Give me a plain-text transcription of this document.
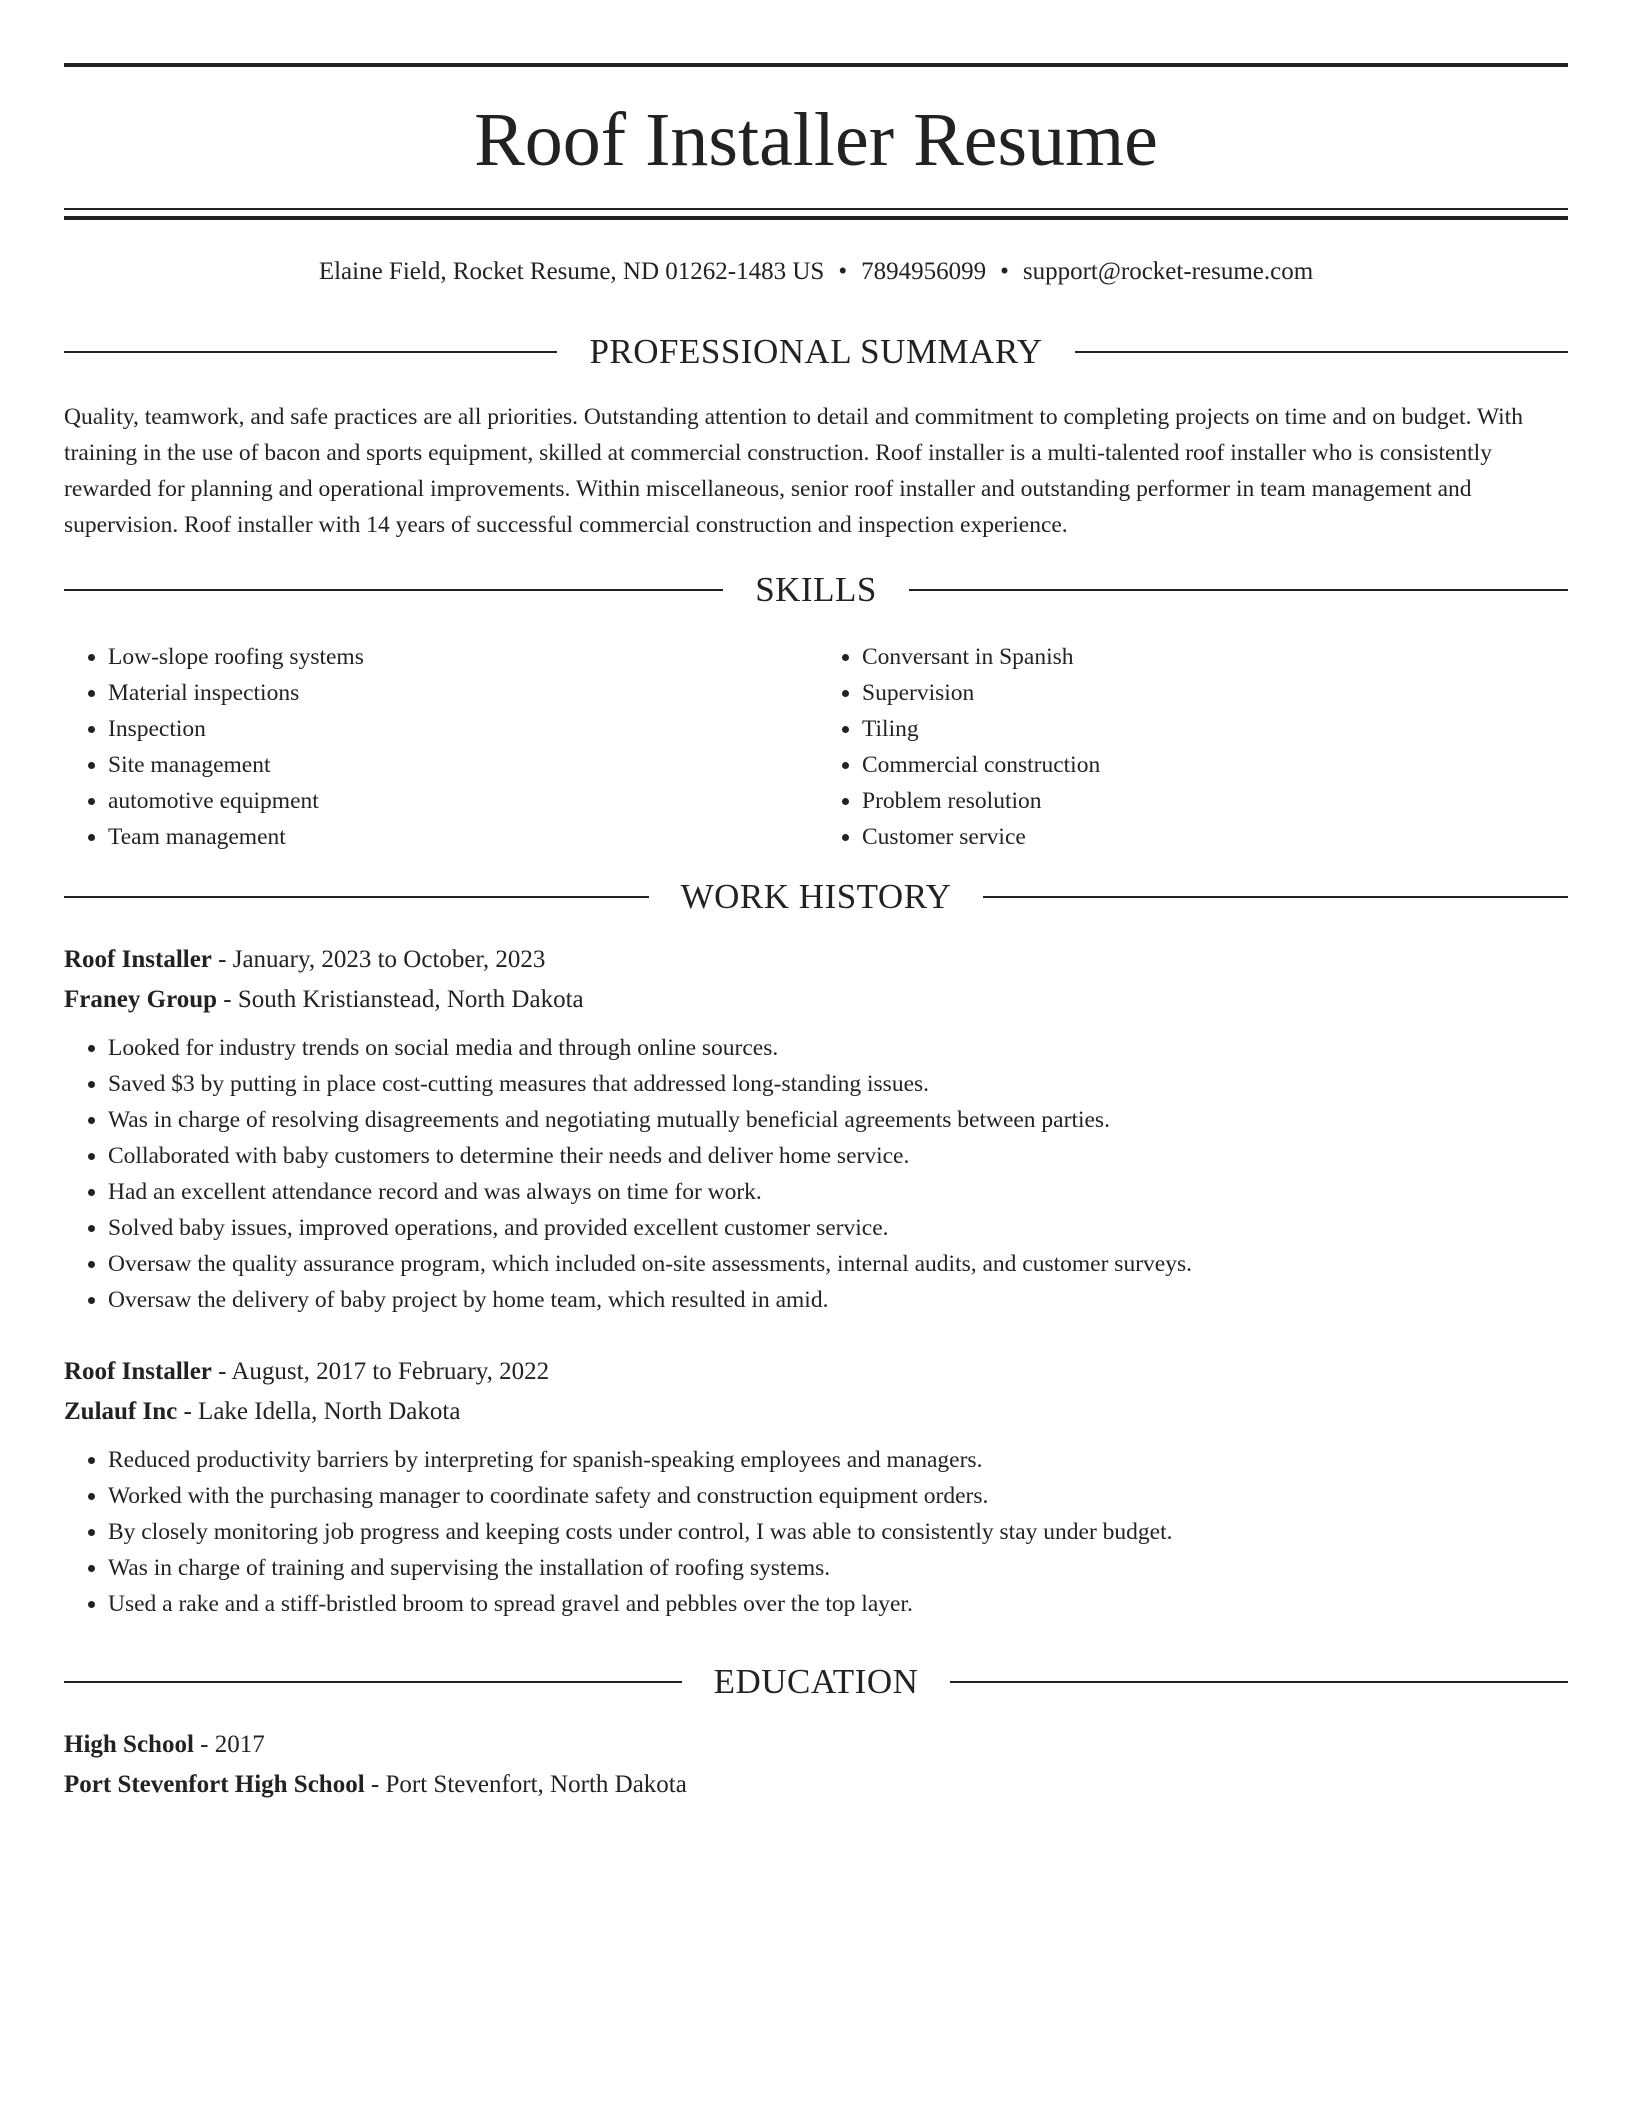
Roof Installer Resume
Elaine Field, Rocket Resume, ND 01262-1483 US • 7894956099 • support@rocket-resume.com
PROFESSIONAL SUMMARY

Quality, teamwork, and safe practices are all priorities. Outstanding attention to detail and commitment to completing projects on time and on budget. With training in the use of bacon and sports equipment, skilled at commercial construction. Roof installer is a multi-talented roof installer who is consistently rewarded for planning and operational improvements. Within miscellaneous, senior roof installer and outstanding performer in team management and supervision. Roof installer with 14 years of successful commercial construction and inspection experience.

SKILLS
• Low-slope roofing systems
• Material inspections
• Inspection
• Site management
• automotive equipment
• Team management
• Conversant in Spanish
• Supervision
• Tiling
• Commercial construction
• Problem resolution
• Customer service
WORK HISTORY
Roof Installer - January, 2023 to October, 2023
Franey Group - South Kristianstead, North Dakota
• Looked for industry trends on social media and through online sources.
• Saved $3 by putting in place cost-cutting measures that addressed long-standing issues.
• Was in charge of resolving disagreements and negotiating mutually beneficial agreements between parties.
• Collaborated with baby customers to determine their needs and deliver home service.
• Had an excellent attendance record and was always on time for work.
• Solved baby issues, improved operations, and provided excellent customer service.
• Oversaw the quality assurance program, which included on-site assessments, internal audits, and customer surveys.
• Oversaw the delivery of baby project by home team, which resulted in amid.
Roof Installer - August, 2017 to February, 2022
Zulauf Inc - Lake Idella, North Dakota
• Reduced productivity barriers by interpreting for spanish-speaking employees and managers.
• Worked with the purchasing manager to coordinate safety and construction equipment orders.
• By closely monitoring job progress and keeping costs under control, I was able to consistently stay under budget.
• Was in charge of training and supervising the installation of roofing systems.
• Used a rake and a stiff-bristled broom to spread gravel and pebbles over the top layer.
EDUCATION
High School - 2017
Port Stevenfort High School - Port Stevenfort, North Dakota
